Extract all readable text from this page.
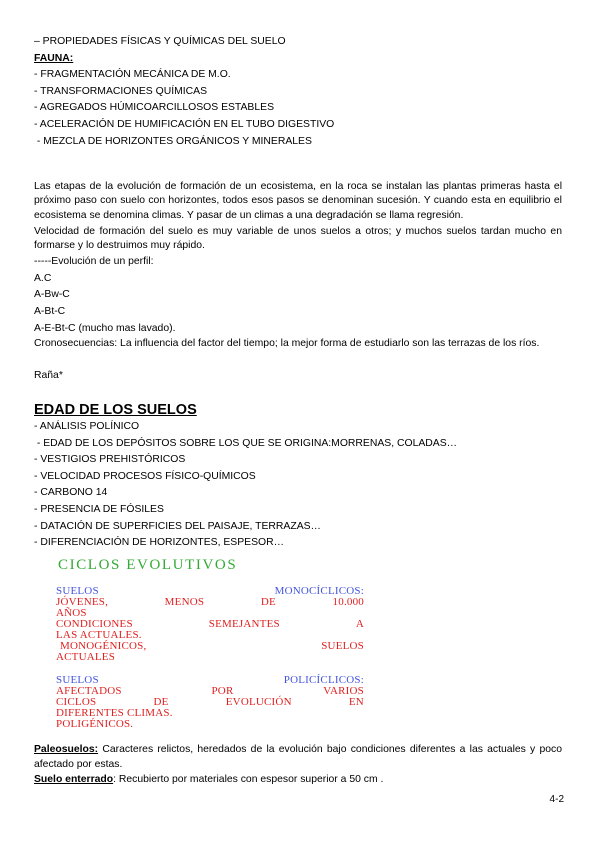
– PROPIEDADES FÍSICAS Y QUÍMICAS DEL SUELO
FAUNA:
- FRAGMENTACIÓN MECÁNICA DE M.O.
- TRANSFORMACIONES QUÍMICAS
- AGREGADOS HÚMICOARCILLOSOS ESTABLES
- ACELERACIÓN DE HUMIFICACIÓN EN EL TUBO DIGESTIVO
- MEZCLA DE HORIZONTES ORGÁNICOS Y MINERALES
Las etapas de la evolución de formación de un ecosistema, en la roca se instalan las plantas primeras hasta el próximo paso con suelo con horizontes, todos esos pasos se denominan sucesión. Y cuando esta en equilibrio el ecosistema se denomina climas. Y pasar de un climas a una degradación se llama regresión.
Velocidad de formación del suelo es muy variable de unos suelos a otros; y muchos suelos tardan mucho en formarse y lo destruimos muy rápido.
-----Evolución de un perfil:
A.C
A-Bw-C
A-Bt-C
A-E-Bt-C (mucho mas lavado).
Cronosecuencias: La influencia del factor del tiempo; la mejor forma de estudiarlo son las terrazas de los ríos.
Raña*
EDAD DE LOS SUELOS
- ANÁLISIS POLÍNICO
- EDAD DE LOS DEPÓSITOS SOBRE LOS QUE SE ORIGINA:MORRENAS, COLADAS…
- VESTIGIOS PREHISTÓRICOS
- VELOCIDAD PROCESOS FÍSICO-QUÍMICOS
- CARBONO 14
- PRESENCIA DE FÓSILES
- DATACIÓN DE SUPERFICIES DEL PAISAJE, TERRAZAS…
- DIFERENCIACIÓN DE HORIZONTES, ESPESOR…
CICLOS EVOLUTIVOS
SUELOS	MONOCÍCLICOS:
JÓVENES,	MENOS	DE	10.000
AÑOS
CONDICIONES	SEMEJANTES	A
LAS ACTUALES.
MONOGÉNICOS,	SUELOS
ACTUALES
SUELOS	POLICÍCLICOS:
AFECTADOS	POR	VARIOS
CICLOS	DE	EVOLUCIÓN	EN
DIFERENTES CLIMAS.
POLIGÉNICOS.
Paleosuelos: Caracteres relictos, heredados de la evolución bajo condiciones diferentes a las actuales y poco afectado por estas.
Suelo enterrado: Recubierto por materiales con espesor superior a 50 cm .
4-2
